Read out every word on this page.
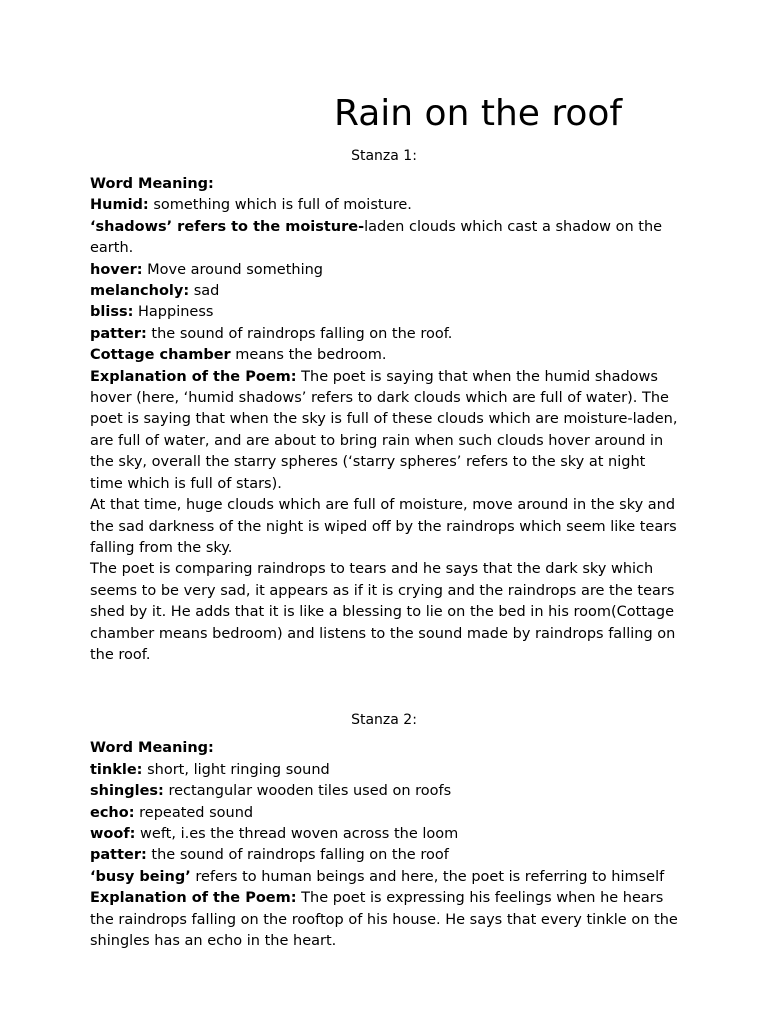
Rain on the roof
Stanza 1:

Word Meaning:

Humid: something which is full of moisture.

‘shadows’ refers to the moisture-laden clouds which cast a shadow on the earth.

hover: Move around something

melancholy: sad

bliss: Happiness

patter: the sound of raindrops falling on the roof.

Cottage chamber means the bedroom.

Explanation of the Poem: The poet is saying that when the humid shadows hover (here, ‘humid shadows’ refers to dark clouds which are full of water). The poet is saying that when the sky is full of these clouds which are moisture-laden, are full of water, and are about to bring rain when such clouds hover around in the sky, overall the starry spheres (‘starry spheres’ refers to the sky at night time which is full of stars).

At that time, huge clouds which are full of moisture, move around in the sky and the sad darkness of the night is wiped off by the raindrops which seem like tears falling from the sky.

The poet is comparing raindrops to tears and he says that the dark sky which seems to be very sad, it appears as if it is crying and the raindrops are the tears shed by it. He adds that it is like a blessing to lie on the bed in his room(Cottage chamber means bedroom) and listens to the sound made by raindrops falling on the roof.

Stanza 2:

Word Meaning:

tinkle: short, light ringing sound

shingles: rectangular wooden tiles used on roofs

echo: repeated sound

woof: weft, i.es the thread woven across the loom

patter: the sound of raindrops falling on the roof

‘busy being’ refers to human beings and here, the poet is referring to himself

Explanation of the Poem: The poet is expressing his feelings when he hears the raindrops falling on the rooftop of his house. He says that every tinkle on the shingles has an echo in the heart.
